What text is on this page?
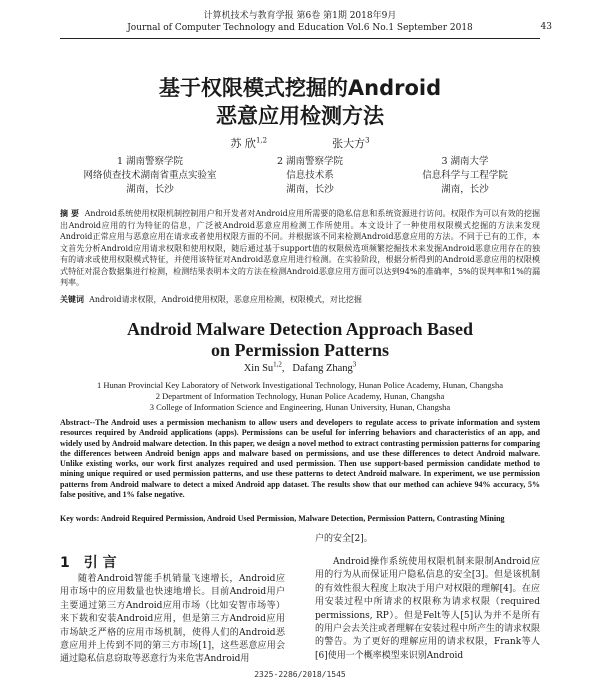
计算机技术与教育学报 第6卷 第1期 2018年9月
Journal of Computer Technology and Education Vol.6 No.1 September 2018	43
基于权限模式挖掘的Android
恶意应用检测方法
苏 欣$^{1,2}$	张大方$^3$
1 湖南警察学院
网络侦查技术湖南省重点实验室
湖南，长沙
2 湖南警察学院
信息技术系
湖南，长沙
3 湖南大学
信息科学与工程学院
湖南，长沙
摘 要 Android系统使用权限机制控制用户和开发者对Android应用所需要的隐私信息和系统资源进行访问。权限作为可以有效的挖掘出Android应用的行为特征的信息，广泛被Android恶意应用检测工作所使用。本文设计了一种使用权限模式挖掘的方法来发现Android正常应用与恶意应用在请求或者使用权限方面的不同。并根据该不同来检测Android恶意应用的方法。不同于已有的工作，本文首先分析Android应用请求权限和使用权限，随后通过基于support值的权限候选项频繁挖掘技术来发掘Android恶意应用存在的独有的请求或使用权限模式特征，并使用该特征对Android恶意应用进行检测。在实验阶段，根据分析得到的Android恶意应用的权限模式特征对混合数据集进行检测，检测结果表明本文的方法在检测Android恶意应用方面可以达到94%的准确率，5%的误判率和1%的漏判率。
关键词 Android请求权限，Android使用权限，恶意应用检测，权限模式，对比挖掘
Android Malware Detection Approach Based
on Permission Patterns
Xin Su$^{1,2}$,   Dafang Zhang$^3$
1 Hunan Provincial Key Laboratory of Network Investigational Technology, Hunan Police Academy, Hunan, Changsha
2 Department of Information Technology, Hunan Police Academy, Hunan, Changsha
3 College of Information Science and Engineering, Hunan University, Hunan, Changsha
Abstract--The Android uses a permission mechanism to allow users and developers to regulate access to private information and system resources required by Android applications (apps). Permissions can be useful for inferring behaviors and characteristics of an app, and widely used by Android malware detection. In this paper, we design a novel method to extract contrasting permission patterns for comparing the differences between Android benign apps and malware based on permissions, and use these differences to detect Android malware. Unlike existing works, our work first analyzes required and used permission. Then use support-based permission candidate method to mining unique required or used permission patterns, and use these patterns to detect Android malware. In experiment, we use permission patterns from Android malware to detect a mixed Android app dataset. The results show that our method can achieve 94% accuracy, 5% false positive, and 1% false negative.
Key words: Android Required Permission, Android Used Permission, Malware Detection, Permission Pattern, Contrasting Mining
1 引 言
随着Android智能手机销量飞速增长，Android应用市场中的应用数量也快速地增长。目前Android用户主要通过第三方Android应用市场（比如安智市场等）来下载和安装Android应用，但是第三方Android应用市场缺乏严格的应用市场机制，使得人们的Android恶意应用并上传到不同的第三方市场[1]，这些恶意应用会通过隐私信息窃取等恶意行为来危害Android用
户的安全[2]。
Android操作系统使用权限机制来限制Android应用的行为从而保证用户隐私信息的安全[3]。但是该机制的有效性很大程度上取决于用户对权限的理解[4]。在应用安装过程中所请求的权限称为请求权限（required permissions, RP）。但是Felt等人[5]认为并不是所有的用户会去关注或者理解在安装过程中所产生的请求权限的警告。为了更好的理解应用的请求权限，Frank等人[6]使用一个概率模型来识别Android
2325-2286/2018/1545
